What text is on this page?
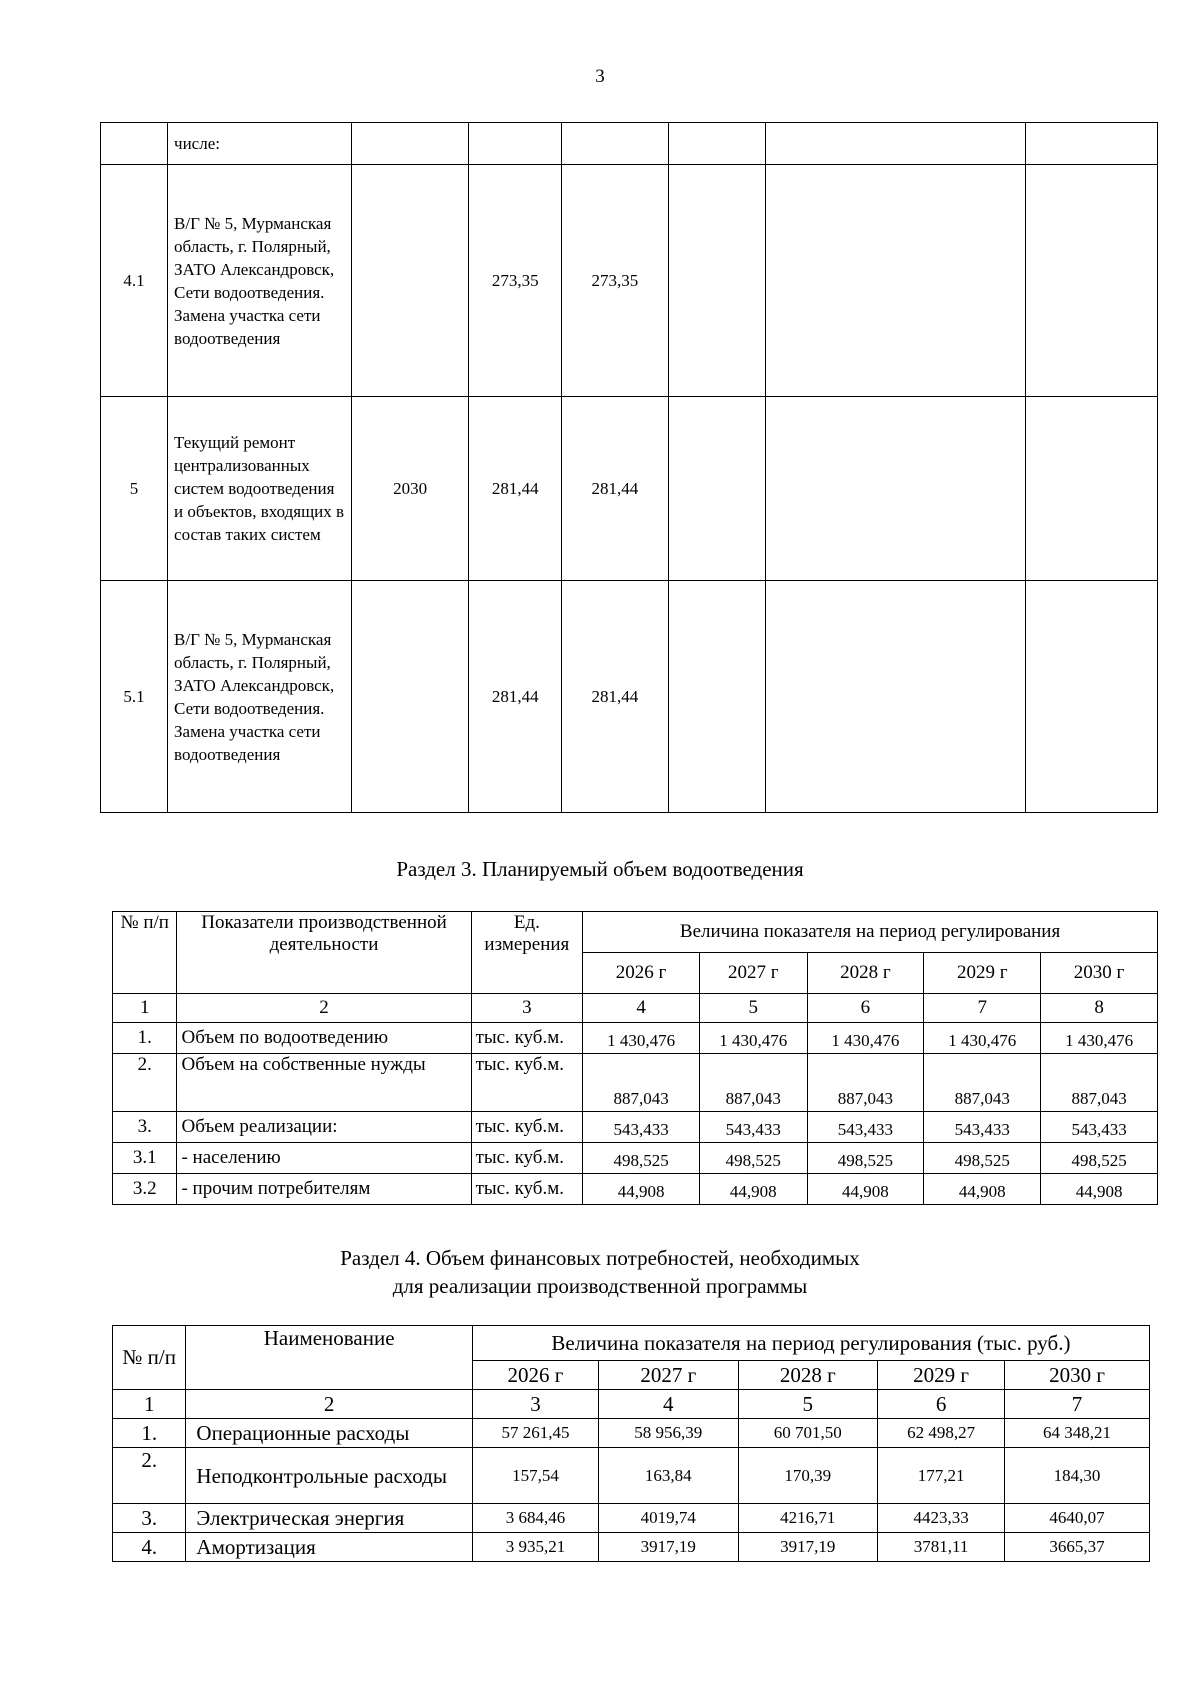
3
	числе:						
4.1	В/Г № 5, Мурманская область, г. Полярный, ЗАТО Александровск, Сети водоотведения. Замена участка сети водоотведения		273,35	273,35			
5	Текущий ремонт централизованных систем водоотведения и объектов, входящих в состав таких систем	2030	281,44	281,44			
5.1	В/Г № 5, Мурманская область, г. Полярный, ЗАТО Александровск, Сети водоотведения. Замена участка сети водоотведения		281,44	281,44			
Раздел 3. Планируемый объем водоотведения
№ п/п	Показатели производственной деятельности	Ед. измерения	Величина показателя на период регулирования				
			2026 г	2027 г	2028 г	2029 г	2030 г
1	2	3	4	5	6	7	8
1.	Объем по водоотведению	тыс. куб.м.	1 430,476	1 430,476	1 430,476	1 430,476	1 430,476
2.	Объем на собственные нужды	тыс. куб.м.	887,043	887,043	887,043	887,043	887,043
3.	Объем реализации:	тыс. куб.м.	543,433	543,433	543,433	543,433	543,433
3.1	- населению	тыс. куб.м.	498,525	498,525	498,525	498,525	498,525
3.2	- прочим потребителям	тыс. куб.м.	44,908	44,908	44,908	44,908	44,908
Раздел 4. Объем финансовых потребностей, необходимых
для реализации производственной программы
№ п/п	Наименование	Величина показателя на период регулирования (тыс. руб.)				
		2026 г	2027 г	2028 г	2029 г	2030 г
1	2	3	4	5	6	7
1.	Операционные расходы	57 261,45	58 956,39	60 701,50	62 498,27	64 348,21
2.	Неподконтрольные расходы	157,54	163,84	170,39	177,21	184,30
3.	Электрическая энергия	3 684,46	4019,74	4216,71	4423,33	4640,07
4.	Амортизация	3 935,21	3917,19	3917,19	3781,11	3665,37
